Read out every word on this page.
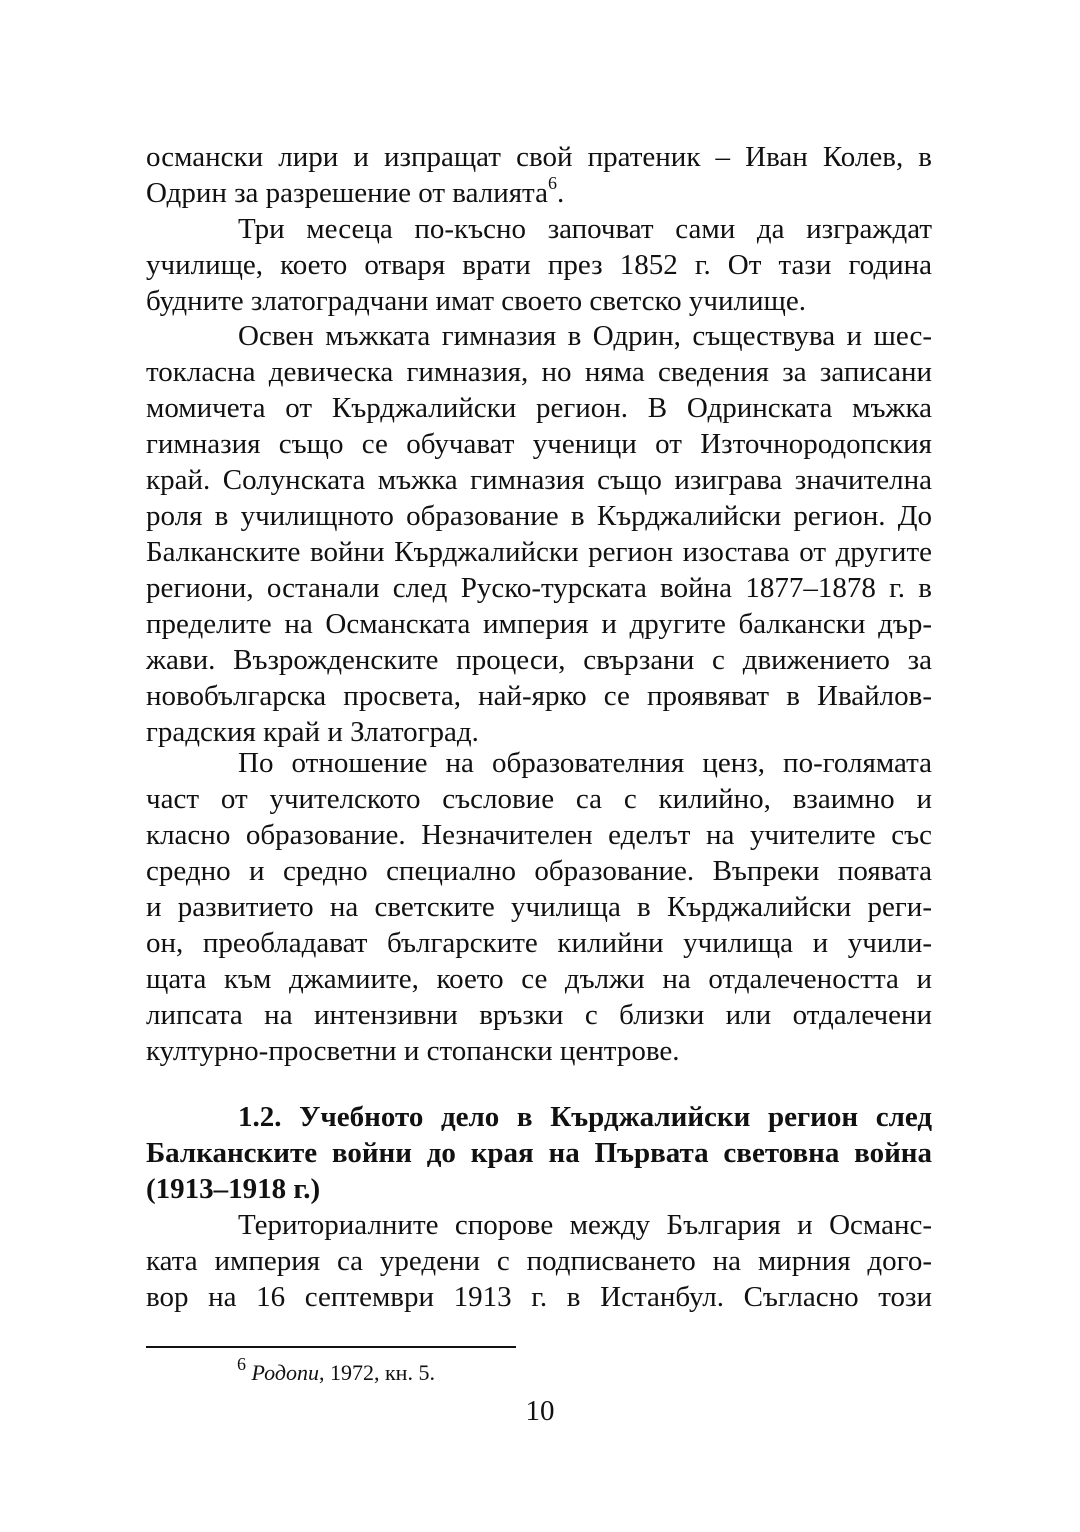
османски лири и изпращат свой пратеник – Иван Колев, в
Одрин за разрешение от валията$^6$.
Три месеца по-късно започват сами да изграждат
училище, което отваря врати през 1852 г. От тази година
будните златоградчани имат своето светско училище.
Освен мъжката гимназия в Одрин, съществува и шес-
токласна девическа гимназия, но няма сведения за записани
момичета от Кърджалийски регион. В Одринската мъжка
гимназия също се обучават ученици от Източнородопския
край. Солунската мъжка гимназия също изиграва значителна
роля в училищното образование в Кърджалийски регион. До
Балканските войни Кърджалийски регион изостава от другите
региони, останали след Руско-турската война 1877–1878 г. в
пределите на Османската империя и другите балкански дър-
жави. Възрожденските процеси, свързани с движението за
новобългарска просвета, най-ярко се проявяват в Ивайлов-
градския край и Златоград.
По отношение на образователния ценз, по-голямата
част от учителското съсловие са с килийно, взаимно и
класно образование. Незначителен еделът на учителите със
средно и средно специално образование. Въпреки появата
и развитието на светските училища в Кърджалийски реги-
он, преобладават българските килийни училища и учили-
щата към джамиите, което се дължи на отдалечеността и
липсата на интензивни връзки с близки или отдалечени
културно-просветни и стопански центрове.
1.2. Учебното дело в Кърджалийски регион след
Балканските войни до края на Първата световна война
(1913–1918 г.)
Териториалните спорове между България и Османс-
ката империя са уредени с подписването на мирния дого-
вор на 16 септември 1913 г. в Истанбул. Съгласно този
$^6$ Родопи, 1972, кн. 5.
10
